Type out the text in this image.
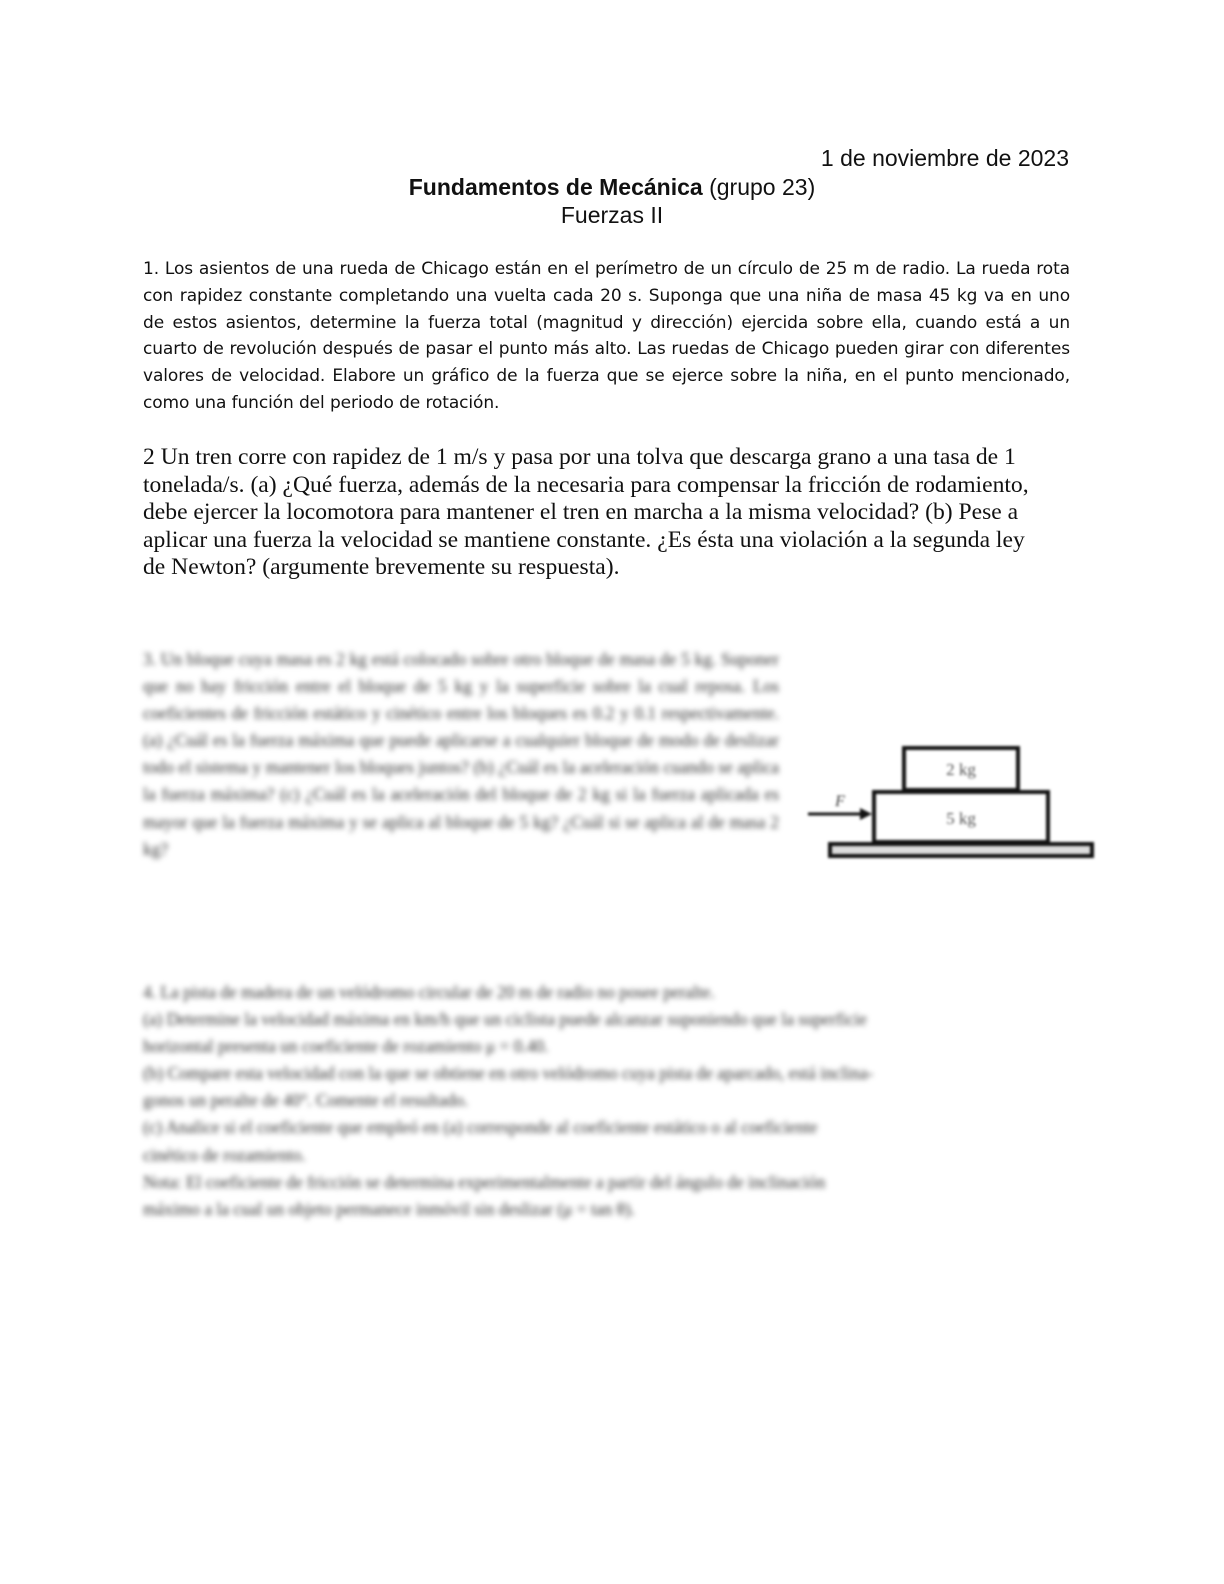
1 de noviembre de 2023
Fundamentos de Mecánica (grupo 23)
Fuerzas II
1. Los asientos de una rueda de Chicago están en el perímetro de un círculo de 25 m de radio. La rueda rota con rapidez constante completando una vuelta cada 20 s. Suponga que una niña de masa 45 kg va en uno de estos asientos, determine la fuerza total (magnitud y dirección) ejercida sobre ella, cuando está a un cuarto de revolución después de pasar el punto más alto. Las ruedas de Chicago pueden girar con diferentes valores de velocidad. Elabore un gráfico de la fuerza que se ejerce sobre la niña, en el punto mencionado, como una función del periodo de rotación.
2 Un tren corre con rapidez de 1 m/s y pasa por una tolva que descarga grano a una tasa de 1 tonelada/s. (a) ¿Qué fuerza, además de la necesaria para compensar la fricción de rodamiento, debe ejercer la locomotora para mantener el tren en marcha a la misma velocidad? (b) Pese a aplicar una fuerza la velocidad se mantiene constante. ¿Es ésta una violación a la segunda ley de Newton? (argumente brevemente su respuesta).
3. Un bloque cuya masa es 2 kg está colocado sobre otro bloque de masa de 5 kg. Suponer que no hay fricción entre el bloque de 5 kg y la superficie sobre la cual reposa. Los coeficientes de fricción estático y cinético entre los bloques es 0.2 y 0.1 respectivamente. (a) ¿Cuál es la fuerza máxima que puede aplicarse a cualquier bloque de modo de deslizar todo el sistema y mantener los bloques juntos? (b) ¿Cuál es la aceleración cuando se aplica la fuerza máxima? (c) ¿Cuál es la aceleración del bloque de 2 kg si la fuerza aplicada es mayor que la fuerza máxima y se aplica al bloque de 5 kg? ¿Cuál si se aplica al de masa 2 kg?
2 kg
5 kg
F
4. La pista de madera de un velódromo circular de 20 m de radio no posee peralte.
(a) Determine la velocidad máxima en km/h que un ciclista puede alcanzar suponiendo que la superficie
horizontal presenta un coeficiente de rozamiento μ = 0.40.
(b) Compare esta velocidad con la que se obtiene en otro velódromo cuya pista de aparcado, está inclina-
gonos un peralte de 40°. Comente el resultado.
(c) Analice si el coeficiente que empleó en (a) corresponde al coeficiente estático o al coeficiente
cinético de rozamiento.
Nota: El coeficiente de fricción se determina experimentalmente a partir del ángulo de inclinación
máximo a la cual un objeto permanece inmóvil sin deslizar (μ = tan θ).
